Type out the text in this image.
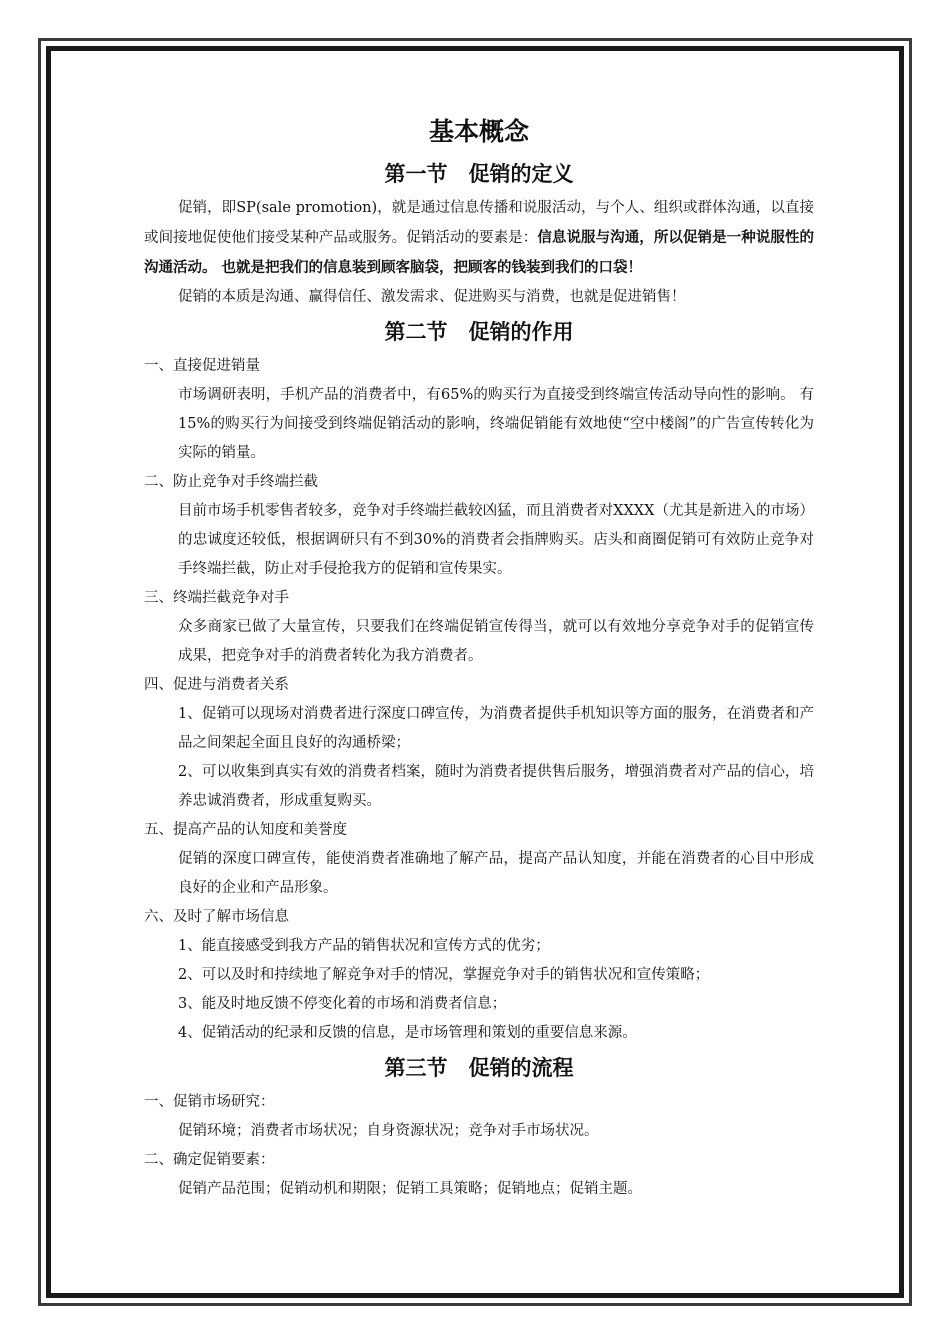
基本概念
第一节　促销的定义
促销，即SP(sale promotion)，就是通过信息传播和说服活动，与个人、组织或群体沟通，以直接或间接地促使他们接受某种产品或服务。促销活动的要素是：信息说服与沟通，所以促销是一种说服性的沟通活动。 也就是把我们的信息装到顾客脑袋，把顾客的钱装到我们的口袋！
促销的本质是沟通、赢得信任、激发需求、促进购买与消费，也就是促进销售！
第二节　促销的作用
一、直接促进销量
市场调研表明，手机产品的消费者中，有65%的购买行为直接受到终端宣传活动导向性的影响。 有15%的购买行为间接受到终端促销活动的影响，终端促销能有效地使“空中楼阁”的广告宣传转化为实际的销量。
二、防止竞争对手终端拦截
目前市场手机零售者较多，竞争对手终端拦截较凶猛，而且消费者对XXXX（尤其是新进入的市场）的忠诚度还较低，根据调研只有不到30%的消费者会指牌购买。店头和商圈促销可有效防止竞争对手终端拦截，防止对手侵抢我方的促销和宣传果实。
三、终端拦截竞争对手
众多商家已做了大量宣传，只要我们在终端促销宣传得当，就可以有效地分享竞争对手的促销宣传成果，把竞争对手的消费者转化为我方消费者。
四、促进与消费者关系
1、促销可以现场对消费者进行深度口碑宣传，为消费者提供手机知识等方面的服务，在消费者和产品之间架起全面且良好的沟通桥梁；
2、可以收集到真实有效的消费者档案，随时为消费者提供售后服务，增强消费者对产品的信心，培养忠诚消费者，形成重复购买。
五、提高产品的认知度和美誉度
促销的深度口碑宣传，能使消费者准确地了解产品，提高产品认知度，并能在消费者的心目中形成良好的企业和产品形象。
六、及时了解市场信息
1、能直接感受到我方产品的销售状况和宣传方式的优劣；
2、可以及时和持续地了解竞争对手的情况，掌握竞争对手的销售状况和宣传策略；
3、能及时地反馈不停变化着的市场和消费者信息；
4、促销活动的纪录和反馈的信息，是市场管理和策划的重要信息来源。
第三节　促销的流程
一、促销市场研究：
促销环境；消费者市场状况；自身资源状况；竞争对手市场状况。
二、确定促销要素：
促销产品范围；促销动机和期限；促销工具策略；促销地点；促销主题。
